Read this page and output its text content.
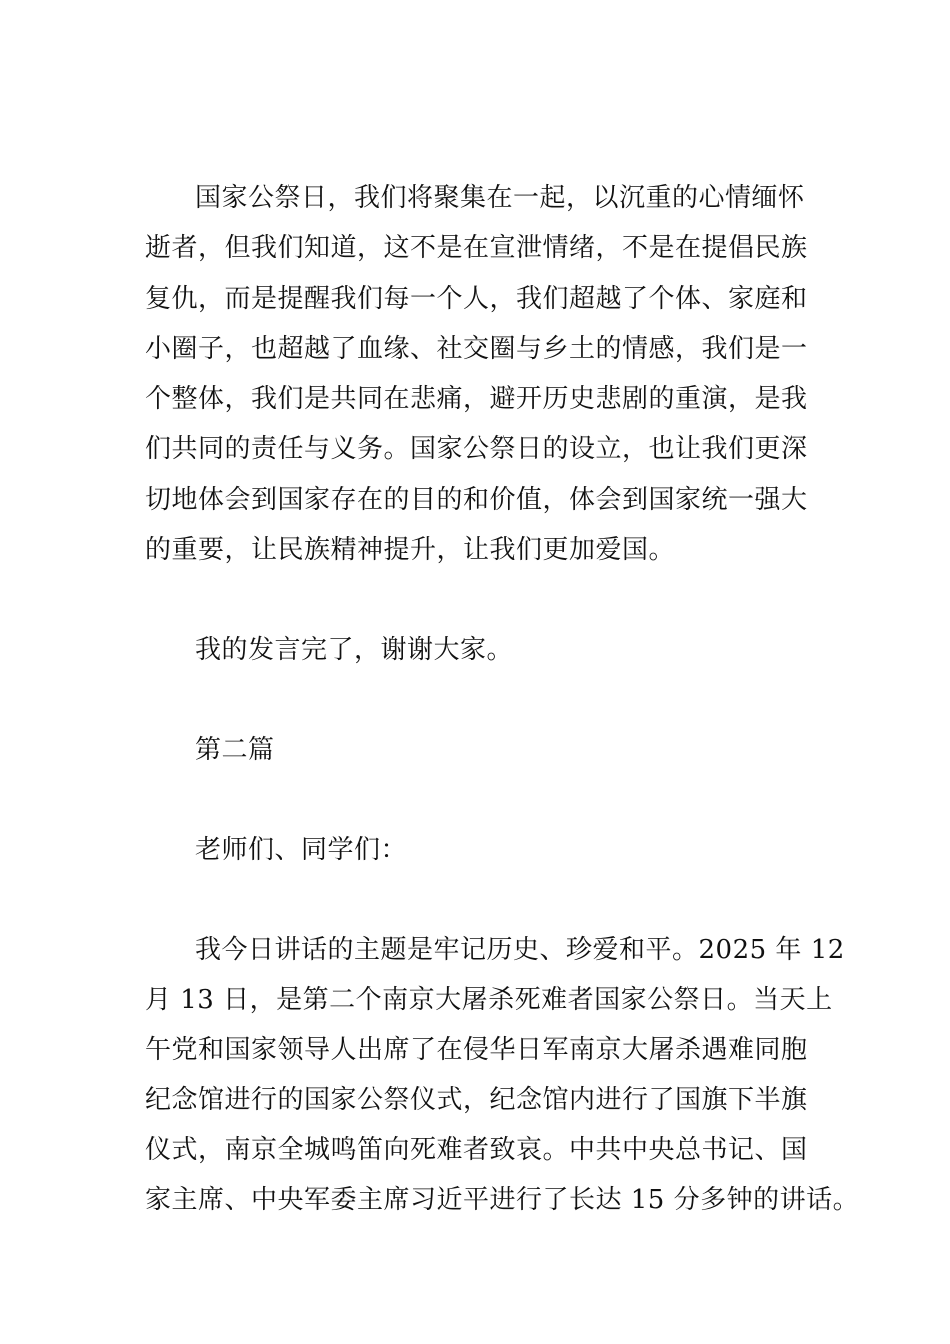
国家公祭日，我们将聚集在一起，以沉重的心情缅怀
逝者，但我们知道，这不是在宣泄情绪，不是在提倡民族
复仇，而是提醒我们每一个人，我们超越了个体、家庭和
小圈子，也超越了血缘、社交圈与乡土的情感，我们是一
个整体，我们是共同在悲痛，避开历史悲剧的重演，是我
们共同的责任与义务。国家公祭日的设立，也让我们更深
切地体会到国家存在的目的和价值，体会到国家统一强大
的重要，让民族精神提升，让我们更加爱国。
我的发言完了，谢谢大家。
第二篇
老师们、同学们：
我今日讲话的主题是牢记历史、珍爱和平。2025 年 12
月 13 日，是第二个南京大屠杀死难者国家公祭日。当天上
午党和国家领导人出席了在侵华日军南京大屠杀遇难同胞
纪念馆进行的国家公祭仪式，纪念馆内进行了国旗下半旗
仪式，南京全城鸣笛向死难者致哀。中共中央总书记、国
家主席、中央军委主席习近平进行了长达 15 分多钟的讲话。
